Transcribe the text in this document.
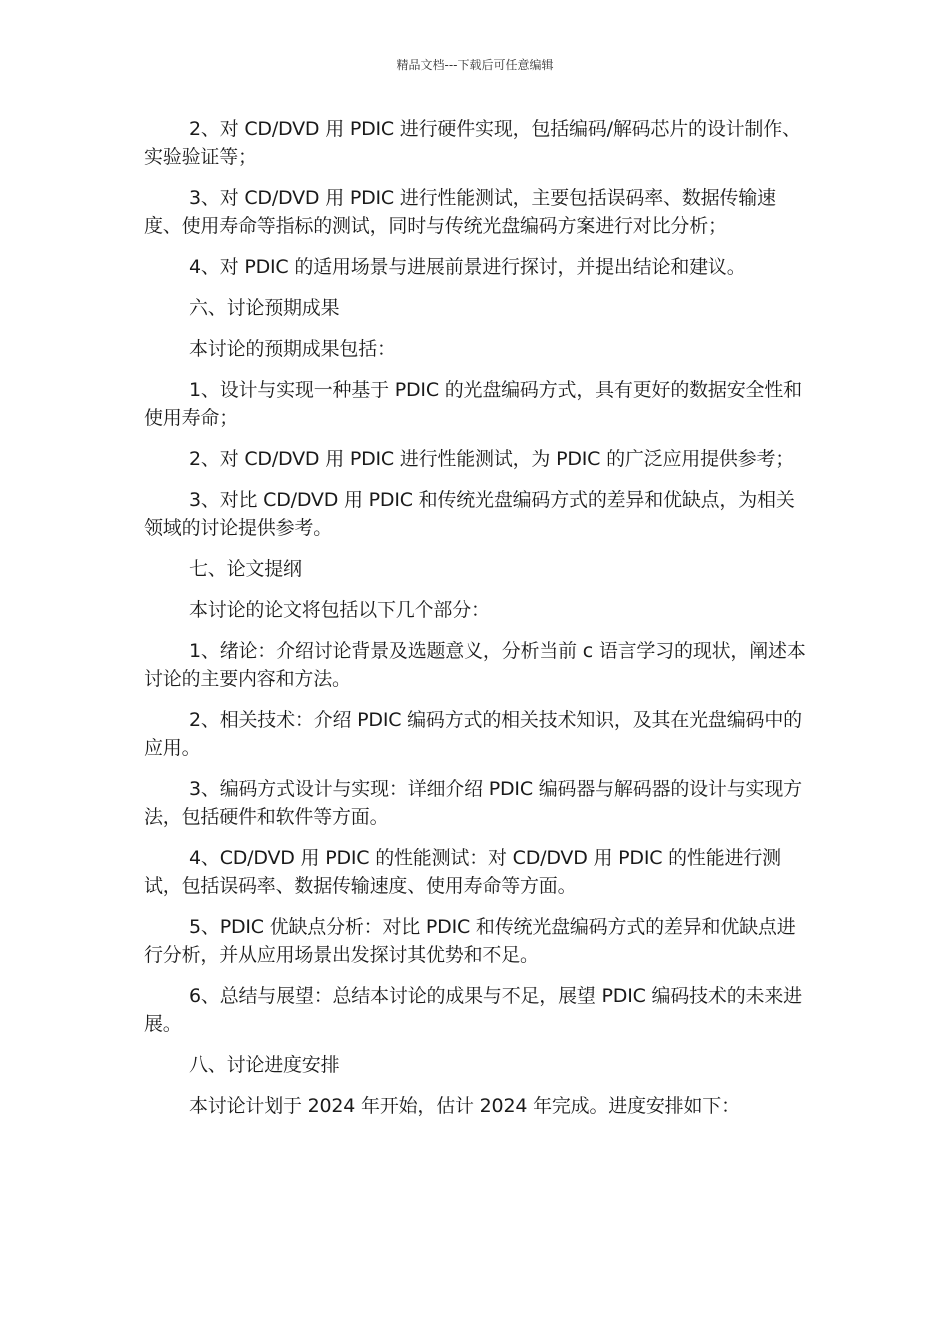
精品文档---下载后可任意编辑

2、对 CD/DVD 用 PDIC 进行硬件实现，包括编码/解码芯片的设计制作、实验验证等；

3、对 CD/DVD 用 PDIC 进行性能测试，主要包括误码率、数据传输速度、使用寿命等指标的测试，同时与传统光盘编码方案进行对比分析；

4、对 PDIC 的适用场景与进展前景进行探讨，并提出结论和建议。

六、讨论预期成果

本讨论的预期成果包括：

1、设计与实现一种基于 PDIC 的光盘编码方式，具有更好的数据安全性和使用寿命；

2、对 CD/DVD 用 PDIC 进行性能测试，为 PDIC 的广泛应用提供参考；

3、对比 CD/DVD 用 PDIC 和传统光盘编码方式的差异和优缺点，为相关领域的讨论提供参考。

七、论文提纲

本讨论的论文将包括以下几个部分：

1、绪论：介绍讨论背景及选题意义，分析当前 c 语言学习的现状，阐述本讨论的主要内容和方法。

2、相关技术：介绍 PDIC 编码方式的相关技术知识，及其在光盘编码中的应用。

3、编码方式设计与实现：详细介绍 PDIC 编码器与解码器的设计与实现方法，包括硬件和软件等方面。

4、CD/DVD 用 PDIC 的性能测试：对 CD/DVD 用 PDIC 的性能进行测试，包括误码率、数据传输速度、使用寿命等方面。

5、PDIC 优缺点分析：对比 PDIC 和传统光盘编码方式的差异和优缺点进行分析，并从应用场景出发探讨其优势和不足。

6、总结与展望：总结本讨论的成果与不足，展望 PDIC 编码技术的未来进展。

八、讨论进度安排

本讨论计划于 2024 年开始，估计 2024 年完成。进度安排如下：
